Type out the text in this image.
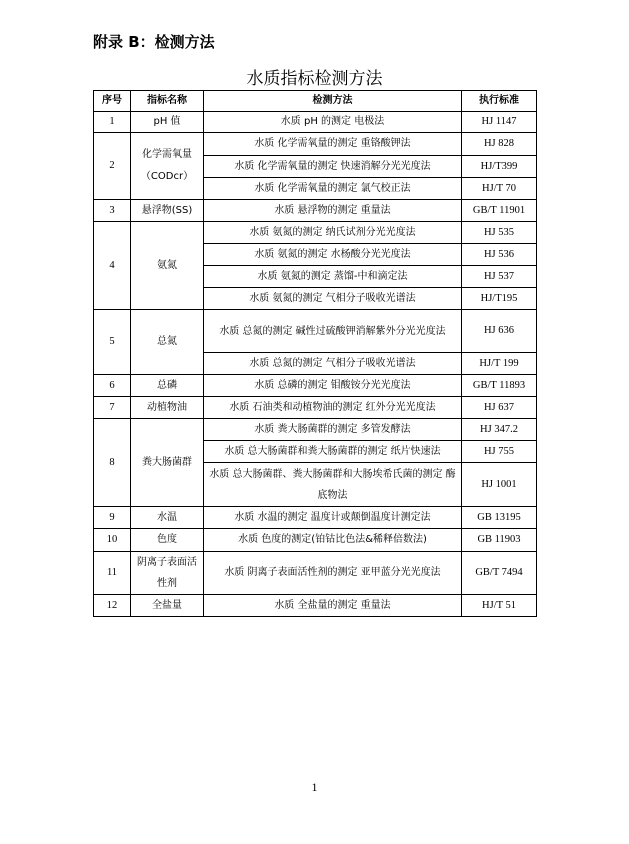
附录 B：检测方法
水质指标检测方法
序号	指标名称	检测方法	执行标准
1	pH 值	水质 pH 的测定 电极法	HJ 1147
2	化学需氧量（CODcr）	水质 化学需氧量的测定 重铬酸钾法	HJ 828
		水质 化学需氧量的测定 快速消解分光光度法	HJ/T399
		水质 化学需氧量的测定 氯气校正法	HJ/T 70
3	悬浮物(SS)	水质 悬浮物的测定 重量法	GB/T 11901
4	氨氮	水质 氨氮的测定 纳氏试剂分光光度法	HJ 535
		水质 氨氮的测定 水杨酸分光光度法	HJ 536
		水质 氨氮的测定 蒸馏-中和滴定法	HJ 537
		水质 氨氮的测定 气相分子吸收光谱法	HJ/T195
5	总氮	水质 总氮的测定 碱性过硫酸钾消解紫外分光光度法	HJ 636
		水质 总氮的测定 气相分子吸收光谱法	HJ/T 199
6	总磷	水质 总磷的测定 钼酸铵分光光度法	GB/T 11893
7	动植物油	水质 石油类和动植物油的测定 红外分光光度法	HJ 637
8	粪大肠菌群	水质 粪大肠菌群的测定 多管发酵法	HJ 347.2
		水质 总大肠菌群和粪大肠菌群的测定 纸片快速法	HJ 755
		水质 总大肠菌群、粪大肠菌群和大肠埃希氏菌的测定 酶底物法	HJ 1001
9	水温	水质 水温的测定 温度计或颠倒温度计测定法	GB 13195
10	色度	水质 色度的测定(铂钴比色法&稀释倍数法)	GB 11903
11	阴离子表面活性剂	水质 阴离子表面活性剂的测定 亚甲蓝分光光度法	GB/T 7494
12	全盐量	水质 全盐量的测定 重量法	HJ/T 51
1
